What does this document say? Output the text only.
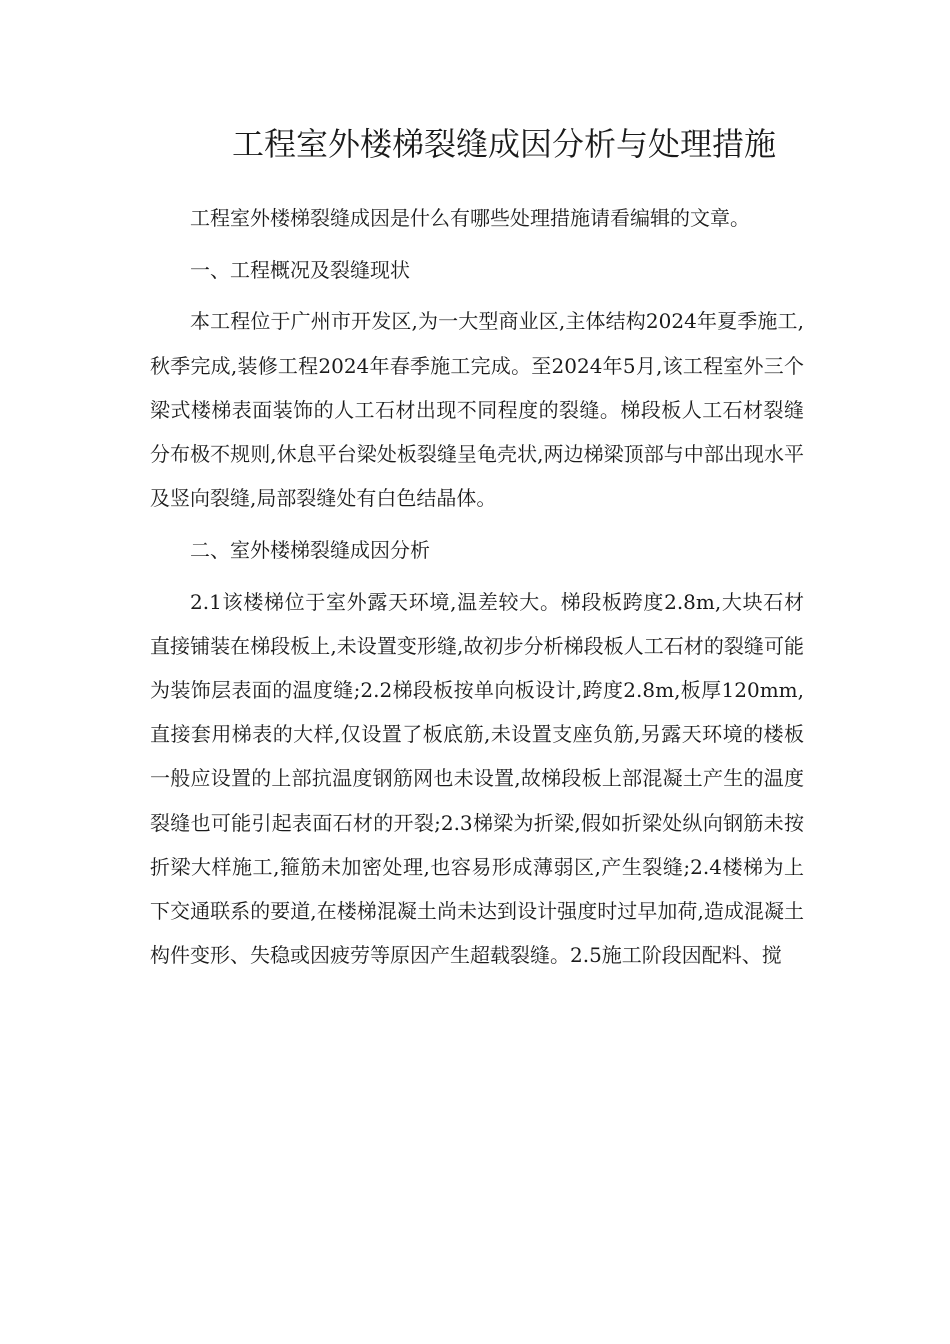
工程室外楼梯裂缝成因分析与处理措施

工程室外楼梯裂缝成因是什么有哪些处理措施请看编辑的文章。

一、工程概况及裂缝现状

本工程位于广州市开发区,为一大型商业区,主体结构2024年夏季施工,秋季完成,装修工程2024年春季施工完成。至2024年5月,该工程室外三个梁式楼梯表面装饰的人工石材出现不同程度的裂缝。梯段板人工石材裂缝分布极不规则,休息平台梁处板裂缝呈龟壳状,两边梯梁顶部与中部出现水平及竖向裂缝,局部裂缝处有白色结晶体。

二、室外楼梯裂缝成因分析

2.1该楼梯位于室外露天环境,温差较大。梯段板跨度2.8m,大块石材直接铺装在梯段板上,未设置变形缝,故初步分析梯段板人工石材的裂缝可能为装饰层表面的温度缝;2.2梯段板按单向板设计,跨度2.8m,板厚120mm,直接套用梯表的大样,仅设置了板底筋,未设置支座负筋,另露天环境的楼板一般应设置的上部抗温度钢筋网也未设置,故梯段板上部混凝土产生的温度裂缝也可能引起表面石材的开裂;2.3梯梁为折梁,假如折梁处纵向钢筋未按折梁大样施工,箍筋未加密处理,也容易形成薄弱区,产生裂缝;2.4楼梯为上下交通联系的要道,在楼梯混凝土尚未达到设计强度时过早加荷,造成混凝土构件变形、失稳或因疲劳等原因产生超载裂缝。2.5施工阶段因配料、搅
